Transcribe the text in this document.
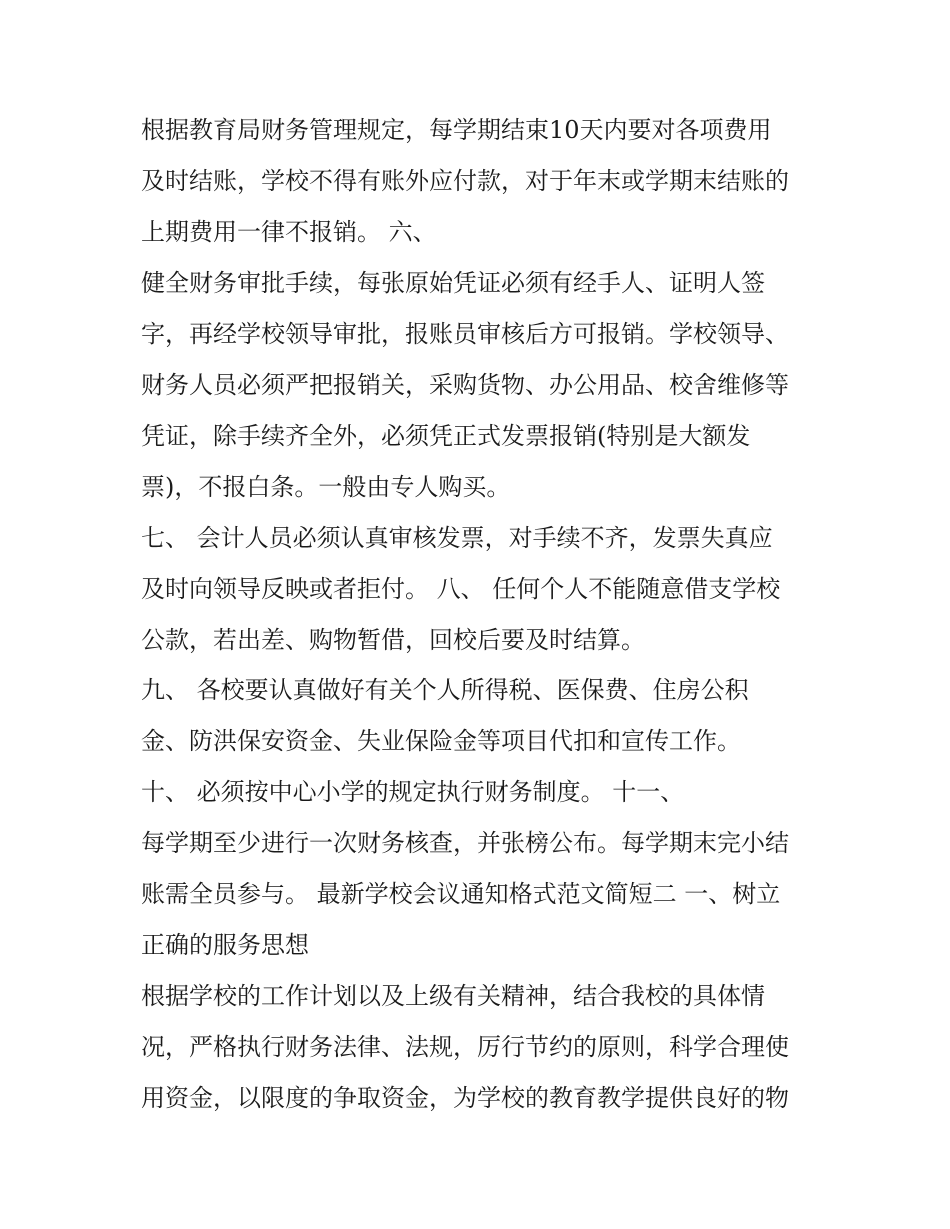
根据教育局财务管理规定，每学期结束10天内要对各项费用
及时结账，学校不得有账外应付款，对于年末或学期末结账的
上期费用一律不报销。 六、
健全财务审批手续，每张原始凭证必须有经手人、证明人签
字，再经学校领导审批，报账员审核后方可报销。学校领导、
财务人员必须严把报销关，采购货物、办公用品、校舍维修等
凭证，除手续齐全外，必须凭正式发票报销(特别是大额发
票)，不报白条。一般由专人购买。
七、 会计人员必须认真审核发票，对手续不齐，发票失真应
及时向领导反映或者拒付。 八、 任何个人不能随意借支学校
公款，若出差、购物暂借，回校后要及时结算。
九、 各校要认真做好有关个人所得税、医保费、住房公积
金、防洪保安资金、失业保险金等项目代扣和宣传工作。
十、 必须按中心小学的规定执行财务制度。 十一、
每学期至少进行一次财务核查，并张榜公布。每学期末完小结
账需全员参与。 最新学校会议通知格式范文简短二 一、树立
正确的服务思想
根据学校的工作计划以及上级有关精神，结合我校的具体情
况，严格执行财务法律、法规，厉行节约的原则，科学合理使
用资金，以限度的争取资金，为学校的教育教学提供良好的物
